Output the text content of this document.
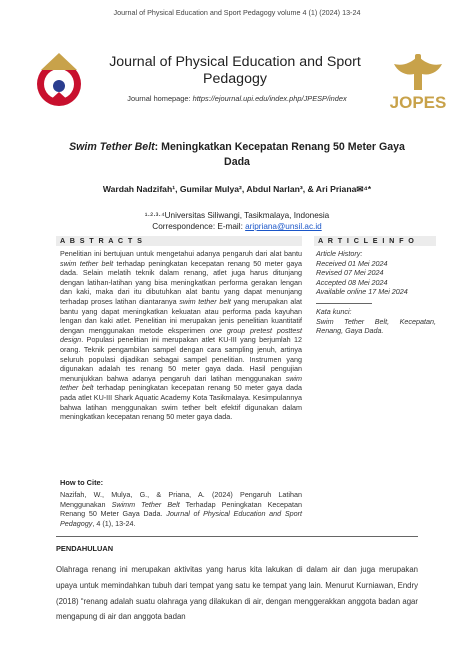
Journal of Physical Education and Sport Pedagogy volume 4 (1) (2024) 13-24
Journal of Physical Education and Sport Pedagogy
Journal homepage: https://ejournal.upi.edu/index.php/JPESP/index	JOPES
Swim Tether Belt: Meningkatkan Kecepatan Renang 50 Meter Gaya Dada
Wardah Nadzifah¹, Gumilar Mulya², Abdul Narlan³, & Ari Priana✉⁴*
¹·²·³·⁴Universitas Siliwangi, Tasikmalaya, Indonesia
Correspondence: E-mail: aripriana@unsil.ac.id
A B S T R A C T S	A R T I C L E I N F O
Penelitian ini bertujuan untuk mengetahui adanya pengaruh dari alat bantu swim tether belt terhadap peningkatan kecepatan renang 50 meter gaya dada. Selain melatih teknik dalam renang, atlet juga harus ditunjang dengan latihan-latihan yang bisa meningkatkan performa gerakan lengan dan kaki, maka dari itu dibutuhkan alat bantu yang dapat menunjang terhadap proses latihan diantaranya swim tether belt yang merupakan alat bantu yang dapat meningkatkan kekuatan atau performa pada kayuhan lengan dan kaki atlet. Penelitian ini merupakan jenis penelitian kuantitatif dengan menggunakan metode eksperimen one group pretest posttest design. Populasi penelitian ini merupakan atlet KU-III yang berjumlah 12 orang. Teknik pengambilan sampel dengan cara sampling jenuh, artinya seluruh populasi dijadikan sebagai sampel penelitian. Instrumen yang digunakan adalah tes renang 50 meter gaya dada. Hasil pengujian menunjukkan bahwa adanya pengaruh dari latihan menggunakan swim tether belt terhadap peningkatan kecepatan renang 50 meter gaya dada pada atlet KU-III Shark Aquatic Academy Kota Tasikmalaya. Kesimpulannya bahwa latihan menggunakan swim tether belt efektif digunakan dalam meningkatkan kecepatan renang 50 meter gaya dada.
Article History:
Received 01 Mei 2024
Revised 07 Mei 2024
Accepted 08 Mei 2024
Available online 17 Mei 2024
Kata kunci:
Swim Tether Belt, Kecepatan, Renang, Gaya Dada.
How to Cite:
Nazifah, W., Mulya, G., & Priana, A. (2024) Pengaruh Latihan Menggunakan Swimm Tether Belt Terhadap Peningkatan Kecepatan Renang 50 Meter Gaya Dada. Journal of Physical Education and Sport Pedagogy, 4 (1), 13-24.
PENDAHULUAN
Olahraga renang ini merupakan aktivitas yang harus kita lakukan di dalam air dan juga merupakan upaya untuk memindahkan tubuh dari tempat yang satu ke tempat yang lain. Menurut Kurniawan, Endry (2018) “renang adalah suatu olahraga yang dilakukan di air, dengan menggerakkan anggota badan agar mengapung di air dan anggota badan
